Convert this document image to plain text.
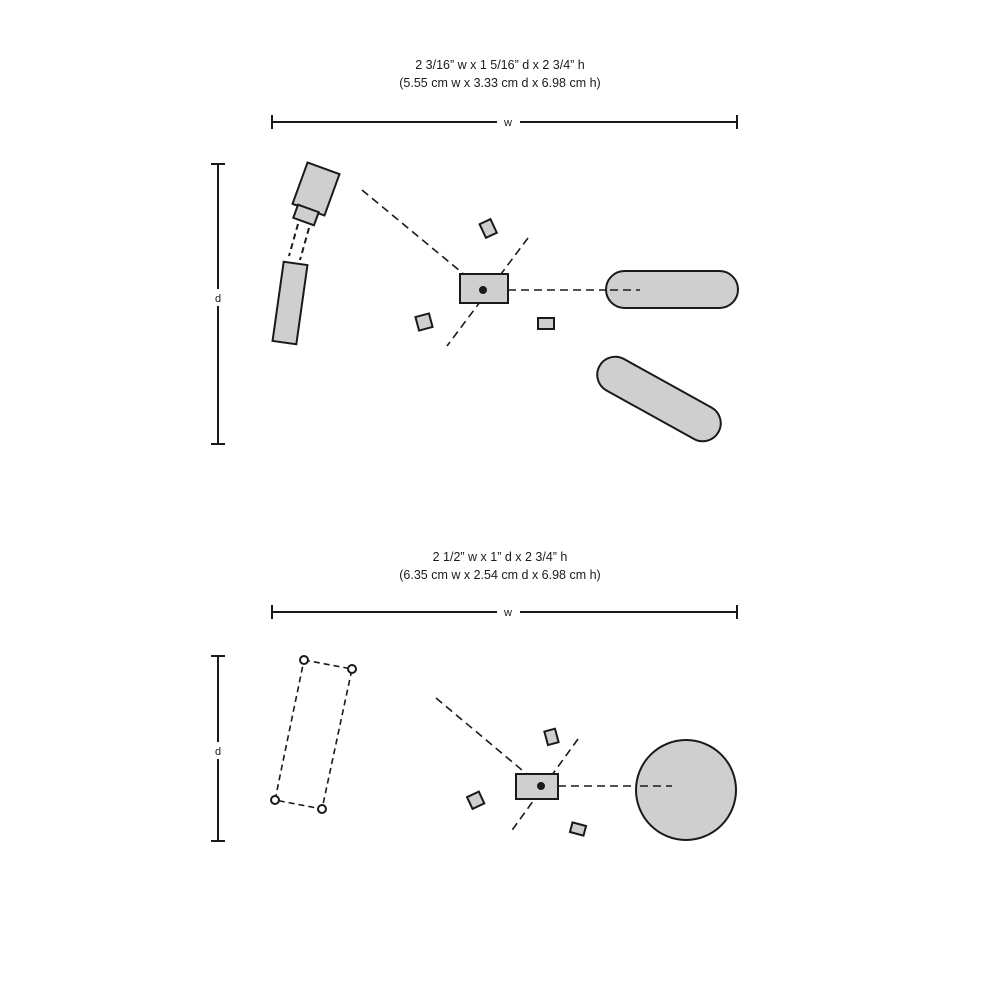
2 3/16” w x 1 5/16” d x 2 3/4” h
(5.55 cm w x 3.33 cm d x 6.98 cm h)
2 1/2” w x 1” d x 2 3/4” h
(6.35 cm w x 2.54 cm d x 6.98 cm h)
w
d
w
d
